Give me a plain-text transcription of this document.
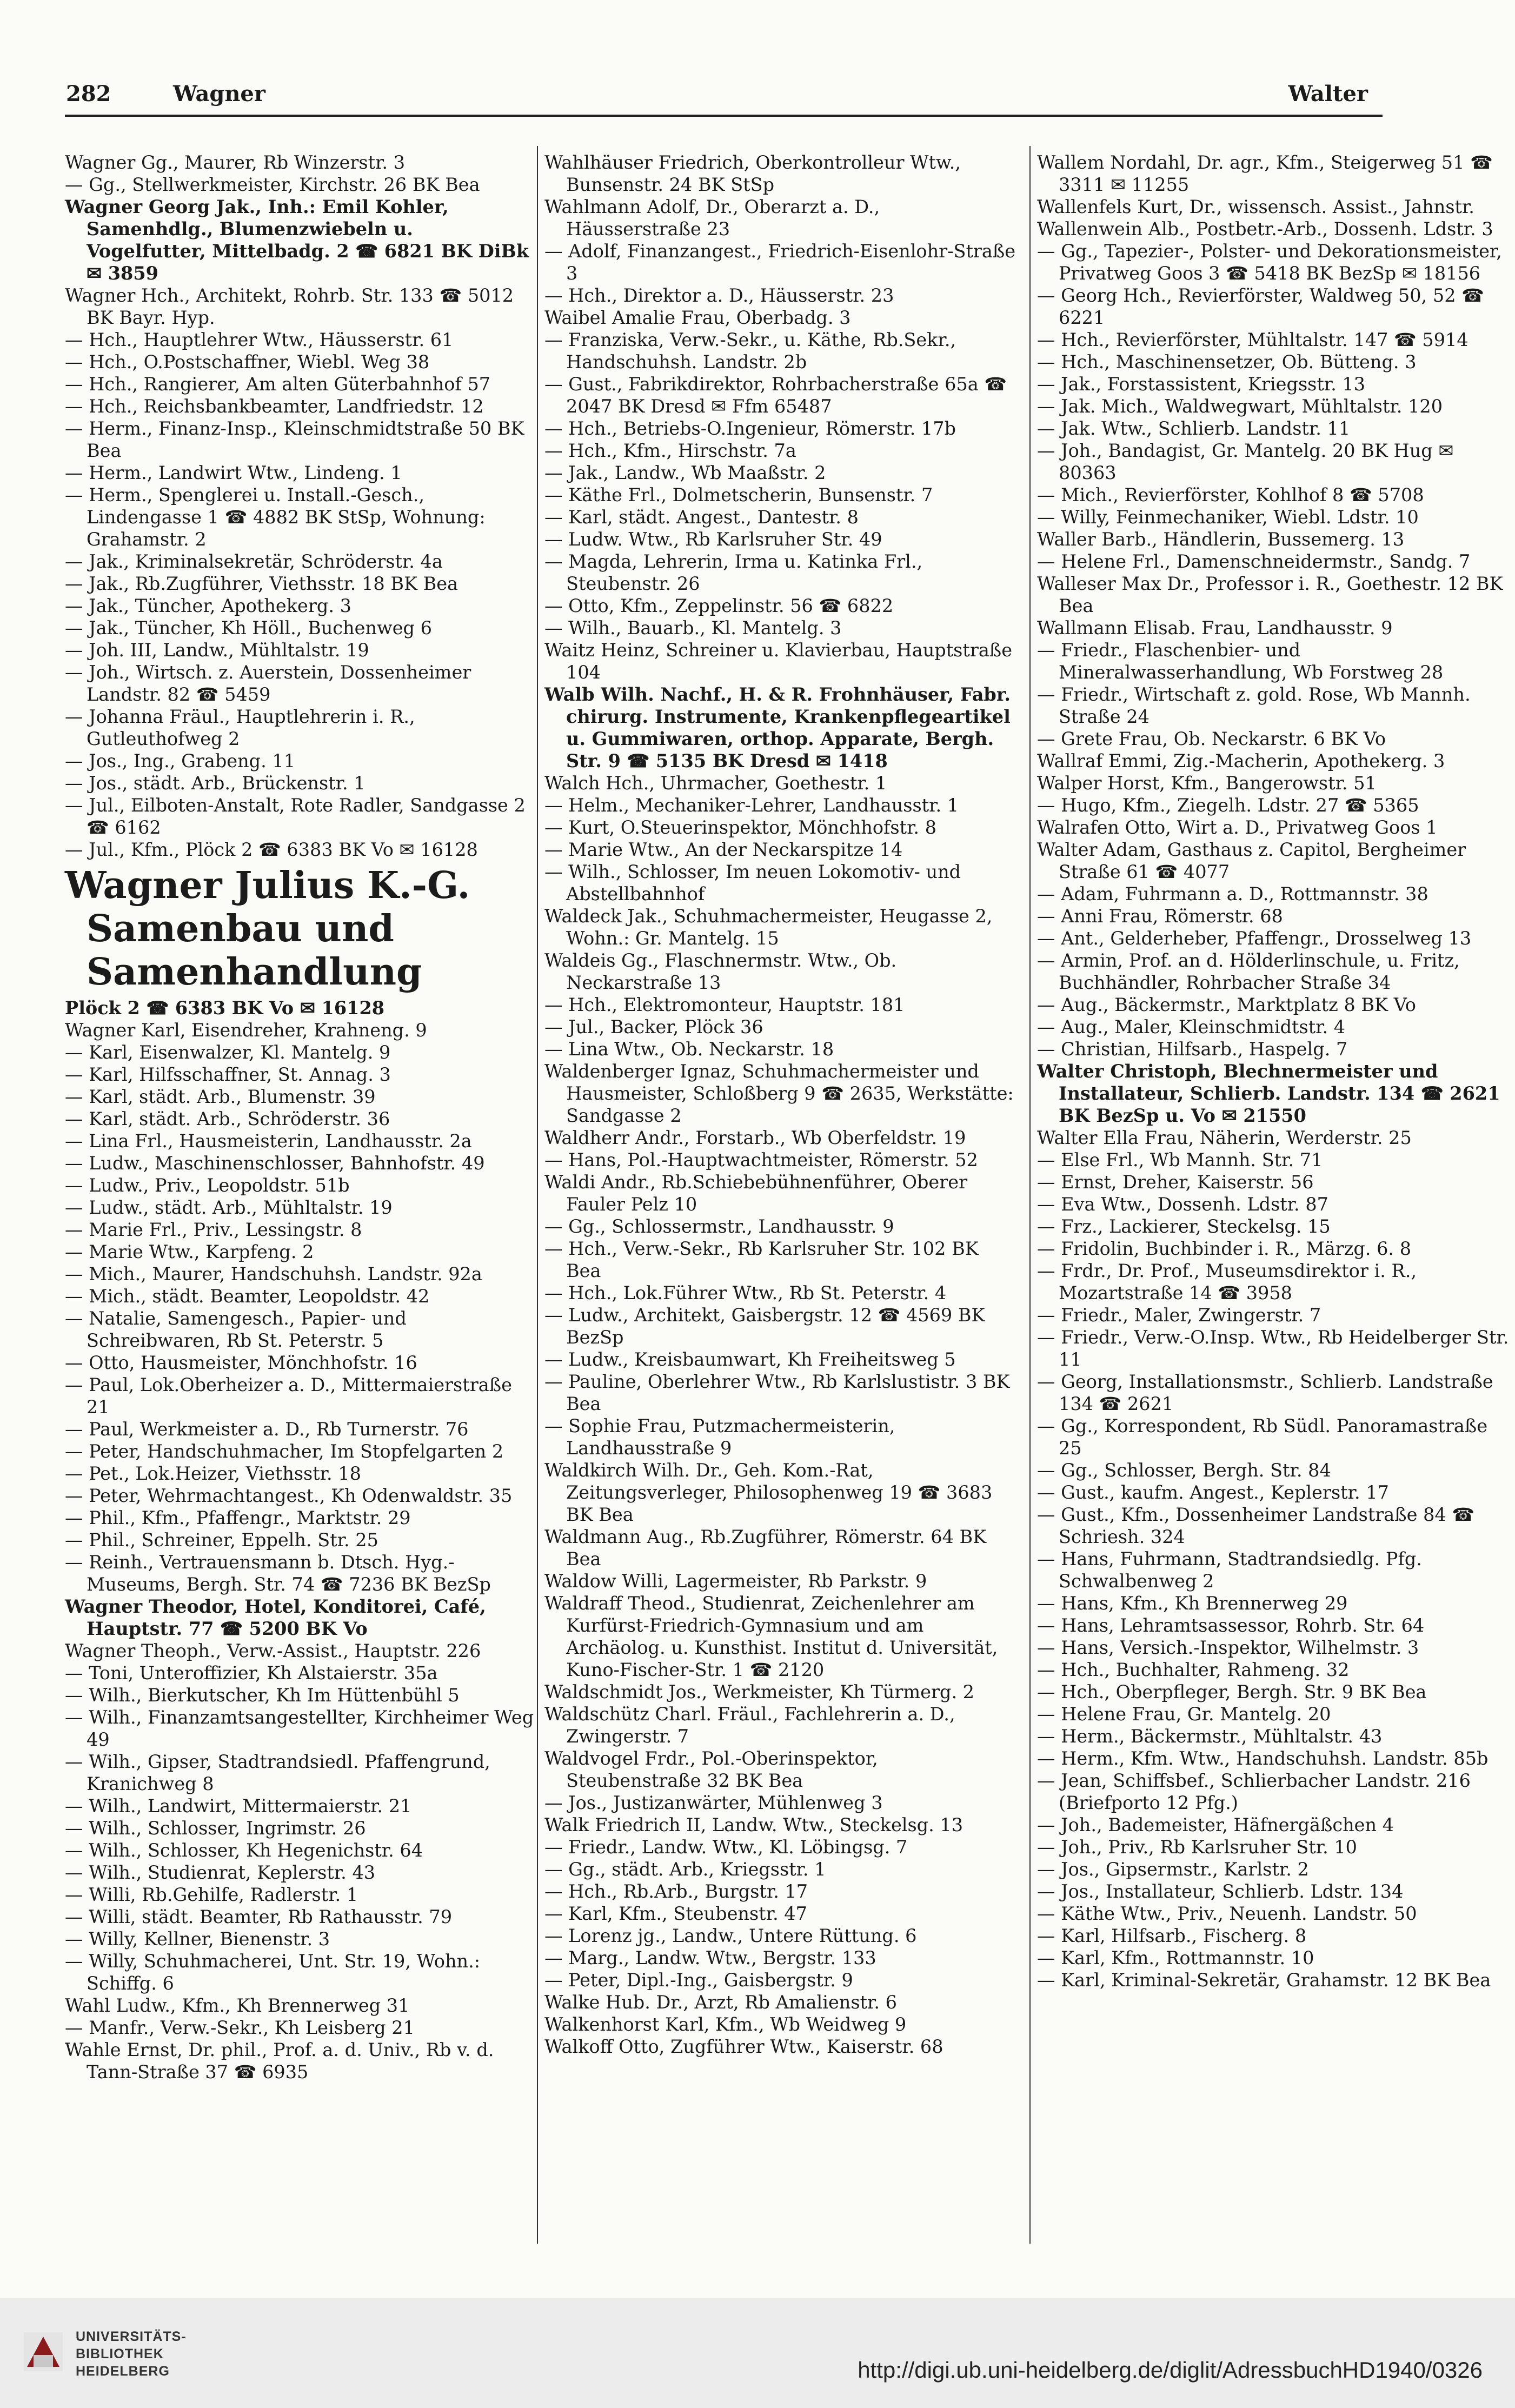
282	Wagner	Walter

Wagner Gg., Maurer, Rb Winzerstr. 3

— Gg., Stellwerkmeister, Kirchstr. 26 BK Bea

Wagner Georg Jak., Inh.: Emil Kohler, Samenhdlg., Blumenzwiebeln u. Vogelfutter, Mittelbadg. 2 ☎ 6821 BK DiBk ✉ 3859

Wagner Hch., Architekt, Rohrb. Str. 133 ☎ 5012 BK Bayr. Hyp.

— Hch., Hauptlehrer Wtw., Häusserstr. 61

— Hch., O.Postschaffner, Wiebl. Weg 38

— Hch., Rangierer, Am alten Güterbahnhof 57

— Hch., Reichsbankbeamter, Landfriedstr. 12

— Herm., Finanz-Insp., Kleinschmidtstraße 50 BK Bea

— Herm., Landwirt Wtw., Lindeng. 1

— Herm., Spenglerei u. Install.-Gesch., Lindengasse 1 ☎ 4882 BK StSp, Wohnung: Grahamstr. 2

— Jak., Kriminalsekretär, Schröderstr. 4a

— Jak., Rb.Zugführer, Viethsstr. 18 BK Bea

— Jak., Tüncher, Apothekerg. 3

— Jak., Tüncher, Kh Höll., Buchenweg 6

— Joh. III, Landw., Mühltalstr. 19

— Joh., Wirtsch. z. Auerstein, Dossenheimer Landstr. 82 ☎ 5459

— Johanna Fräul., Hauptlehrerin i. R., Gutleuthofweg 2

— Jos., Ing., Grabeng. 11

— Jos., städt. Arb., Brückenstr. 1

— Jul., Eilboten-Anstalt, Rote Radler, Sandgasse 2 ☎ 6162

— Jul., Kfm., Plöck 2 ☎ 6383 BK Vo ✉ 16128

Wagner Julius K.-G. Samenbau und Samenhandlung

Plöck 2 ☎ 6383 BK Vo ✉ 16128

Wagner Karl, Eisendreher, Krahneng. 9

— Karl, Eisenwalzer, Kl. Mantelg. 9

— Karl, Hilfsschaffner, St. Annag. 3

— Karl, städt. Arb., Blumenstr. 39

— Karl, städt. Arb., Schröderstr. 36

— Lina Frl., Hausmeisterin, Landhausstr. 2a

— Ludw., Maschinenschlosser, Bahnhofstr. 49

— Ludw., Priv., Leopoldstr. 51b

— Ludw., städt. Arb., Mühltalstr. 19

— Marie Frl., Priv., Lessingstr. 8

— Marie Wtw., Karpfeng. 2

— Mich., Maurer, Handschuhsh. Landstr. 92a

— Mich., städt. Beamter, Leopoldstr. 42

— Natalie, Samengesch., Papier- und Schreibwaren, Rb St. Peterstr. 5

— Otto, Hausmeister, Mönchhofstr. 16

— Paul, Lok.Oberheizer a. D., Mittermaierstraße 21

— Paul, Werkmeister a. D., Rb Turnerstr. 76

— Peter, Handschuhmacher, Im Stopfelgarten 2

— Pet., Lok.Heizer, Viethsstr. 18

— Peter, Wehrmachtangest., Kh Odenwaldstr. 35

— Phil., Kfm., Pfaffengr., Marktstr. 29

— Phil., Schreiner, Eppelh. Str. 25

— Reinh., Vertrauensmann b. Dtsch. Hyg.-Museums, Bergh. Str. 74 ☎ 7236 BK BezSp

Wagner Theodor, Hotel, Konditorei, Café, Hauptstr. 77 ☎ 5200 BK Vo

Wagner Theoph., Verw.-Assist., Hauptstr. 226

— Toni, Unteroffizier, Kh Alstaierstr. 35a

— Wilh., Bierkutscher, Kh Im Hüttenbühl 5

— Wilh., Finanzamtsangestellter, Kirchheimer Weg 49

— Wilh., Gipser, Stadtrandsiedl. Pfaffengrund, Kranichweg 8

— Wilh., Landwirt, Mittermaierstr. 21

— Wilh., Schlosser, Ingrimstr. 26

— Wilh., Schlosser, Kh Hegenichstr. 64

— Wilh., Studienrat, Keplerstr. 43

— Willi, Rb.Gehilfe, Radlerstr. 1

— Willi, städt. Beamter, Rb Rathausstr. 79

— Willy, Kellner, Bienenstr. 3

— Willy, Schuhmacherei, Unt. Str. 19, Wohn.: Schiffg. 6

Wahl Ludw., Kfm., Kh Brennerweg 31

— Manfr., Verw.-Sekr., Kh Leisberg 21

Wahle Ernst, Dr. phil., Prof. a. d. Univ., Rb v. d. Tann-Straße 37 ☎ 6935

Wahlhäuser Friedrich, Oberkontrolleur Wtw., Bunsenstr. 24 BK StSp

Wahlmann Adolf, Dr., Oberarzt a. D., Häusserstraße 23

— Adolf, Finanzangest., Friedrich-Eisenlohr-Straße 3

— Hch., Direktor a. D., Häusserstr. 23

Waibel Amalie Frau, Oberbadg. 3

— Franziska, Verw.-Sekr., u. Käthe, Rb.Sekr., Handschuhsh. Landstr. 2b

— Gust., Fabrikdirektor, Rohrbacherstraße 65a ☎ 2047 BK Dresd ✉ Ffm 65487

— Hch., Betriebs-O.Ingenieur, Römerstr. 17b

— Hch., Kfm., Hirschstr. 7a

— Jak., Landw., Wb Maaßstr. 2

— Käthe Frl., Dolmetscherin, Bunsenstr. 7

— Karl, städt. Angest., Dantestr. 8

— Ludw. Wtw., Rb Karlsruher Str. 49

— Magda, Lehrerin, Irma u. Katinka Frl., Steubenstr. 26

— Otto, Kfm., Zeppelinstr. 56 ☎ 6822

— Wilh., Bauarb., Kl. Mantelg. 3

Waitz Heinz, Schreiner u. Klavierbau, Hauptstraße 104

Walb Wilh. Nachf., H. & R. Frohnhäuser, Fabr. chirurg. Instrumente, Krankenpflegeartikel u. Gummiwaren, orthop. Apparate, Bergh. Str. 9 ☎ 5135 BK Dresd ✉ 1418

Walch Hch., Uhrmacher, Goethestr. 1

— Helm., Mechaniker-Lehrer, Landhausstr. 1

— Kurt, O.Steuerinspektor, Mönchhofstr. 8

— Marie Wtw., An der Neckarspitze 14

— Wilh., Schlosser, Im neuen Lokomotiv- und Abstellbahnhof

Waldeck Jak., Schuhmachermeister, Heugasse 2, Wohn.: Gr. Mantelg. 15

Waldeis Gg., Flaschnermstr. Wtw., Ob. Neckarstraße 13

— Hch., Elektromonteur, Hauptstr. 181

— Jul., Backer, Plöck 36

— Lina Wtw., Ob. Neckarstr. 18

Waldenberger Ignaz, Schuhmachermeister und Hausmeister, Schloßberg 9 ☎ 2635, Werkstätte: Sandgasse 2

Waldherr Andr., Forstarb., Wb Oberfeldstr. 19

— Hans, Pol.-Hauptwachtmeister, Römerstr. 52

Waldi Andr., Rb.Schiebebühnenführer, Oberer Fauler Pelz 10

— Gg., Schlossermstr., Landhausstr. 9

— Hch., Verw.-Sekr., Rb Karlsruher Str. 102 BK Bea

— Hch., Lok.Führer Wtw., Rb St. Peterstr. 4

— Ludw., Architekt, Gaisbergstr. 12 ☎ 4569 BK BezSp

— Ludw., Kreisbaumwart, Kh Freiheitsweg 5

— Pauline, Oberlehrer Wtw., Rb Karlslustistr. 3 BK Bea

— Sophie Frau, Putzmachermeisterin, Landhausstraße 9

Waldkirch Wilh. Dr., Geh. Kom.-Rat, Zeitungsverleger, Philosophenweg 19 ☎ 3683 BK Bea

Waldmann Aug., Rb.Zugführer, Römerstr. 64 BK Bea

Waldow Willi, Lagermeister, Rb Parkstr. 9

Waldraff Theod., Studienrat, Zeichenlehrer am Kurfürst-Friedrich-Gymnasium und am Archäolog. u. Kunsthist. Institut d. Universität, Kuno-Fischer-Str. 1 ☎ 2120

Waldschmidt Jos., Werkmeister, Kh Türmerg. 2

Waldschütz Charl. Fräul., Fachlehrerin a. D., Zwingerstr. 7

Waldvogel Frdr., Pol.-Oberinspektor, Steubenstraße 32 BK Bea

— Jos., Justizanwärter, Mühlenweg 3

Walk Friedrich II, Landw. Wtw., Steckelsg. 13

— Friedr., Landw. Wtw., Kl. Löbingsg. 7

— Gg., städt. Arb., Kriegsstr. 1

— Hch., Rb.Arb., Burgstr. 17

— Karl, Kfm., Steubenstr. 47

— Lorenz jg., Landw., Untere Rüttung. 6

— Marg., Landw. Wtw., Bergstr. 133

— Peter, Dipl.-Ing., Gaisbergstr. 9

Walke Hub. Dr., Arzt, Rb Amalienstr. 6

Walkenhorst Karl, Kfm., Wb Weidweg 9

Walkoff Otto, Zugführer Wtw., Kaiserstr. 68

Wallem Nordahl, Dr. agr., Kfm., Steigerweg 51 ☎ 3311 ✉ 11255

Wallenfels Kurt, Dr., wissensch. Assist., Jahnstr.

Wallenwein Alb., Postbetr.-Arb., Dossenh. Ldstr. 3

— Gg., Tapezier-, Polster- und Dekorationsmeister, Privatweg Goos 3 ☎ 5418 BK BezSp ✉ 18156

— Georg Hch., Revierförster, Waldweg 50, 52 ☎ 6221

— Hch., Revierförster, Mühltalstr. 147 ☎ 5914

— Hch., Maschinensetzer, Ob. Bütteng. 3

— Jak., Forstassistent, Kriegsstr. 13

— Jak. Mich., Waldwegwart, Mühltalstr. 120

— Jak. Wtw., Schlierb. Landstr. 11

— Joh., Bandagist, Gr. Mantelg. 20 BK Hug ✉ 80363

— Mich., Revierförster, Kohlhof 8 ☎ 5708

— Willy, Feinmechaniker, Wiebl. Ldstr. 10

Waller Barb., Händlerin, Bussemerg. 13

— Helene Frl., Damenschneidermstr., Sandg. 7

Walleser Max Dr., Professor i. R., Goethestr. 12 BK Bea

Wallmann Elisab. Frau, Landhausstr. 9

— Friedr., Flaschenbier- und Mineralwasserhandlung, Wb Forstweg 28

— Friedr., Wirtschaft z. gold. Rose, Wb Mannh. Straße 24

— Grete Frau, Ob. Neckarstr. 6 BK Vo

Wallraf Emmi, Zig.-Macherin, Apothekerg. 3

Walper Horst, Kfm., Bangerowstr. 51

— Hugo, Kfm., Ziegelh. Ldstr. 27 ☎ 5365

Walrafen Otto, Wirt a. D., Privatweg Goos 1

Walter Adam, Gasthaus z. Capitol, Bergheimer Straße 61 ☎ 4077

— Adam, Fuhrmann a. D., Rottmannstr. 38

— Anni Frau, Römerstr. 68

— Ant., Gelderheber, Pfaffengr., Drosselweg 13

— Armin, Prof. an d. Hölderlinschule, u. Fritz, Buchhändler, Rohrbacher Straße 34

— Aug., Bäckermstr., Marktplatz 8 BK Vo

— Aug., Maler, Kleinschmidtstr. 4

— Christian, Hilfsarb., Haspelg. 7

Walter Christoph, Blechnermeister und Installateur, Schlierb. Landstr. 134 ☎ 2621 BK BezSp u. Vo ✉ 21550

Walter Ella Frau, Näherin, Werderstr. 25

— Else Frl., Wb Mannh. Str. 71

— Ernst, Dreher, Kaiserstr. 56

— Eva Wtw., Dossenh. Ldstr. 87

— Frz., Lackierer, Steckelsg. 15

— Fridolin, Buchbinder i. R., Märzg. 6. 8

— Frdr., Dr. Prof., Museumsdirektor i. R., Mozartstraße 14 ☎ 3958

— Friedr., Maler, Zwingerstr. 7

— Friedr., Verw.-O.Insp. Wtw., Rb Heidelberger Str. 11

— Georg, Installationsmstr., Schlierb. Landstraße 134 ☎ 2621

— Gg., Korrespondent, Rb Südl. Panoramastraße 25

— Gg., Schlosser, Bergh. Str. 84

— Gust., kaufm. Angest., Keplerstr. 17

— Gust., Kfm., Dossenheimer Landstraße 84 ☎ Schriesh. 324

— Hans, Fuhrmann, Stadtrandsiedlg. Pfg. Schwalbenweg 2

— Hans, Kfm., Kh Brennerweg 29

— Hans, Lehramtsassessor, Rohrb. Str. 64

— Hans, Versich.-Inspektor, Wilhelmstr. 3

— Hch., Buchhalter, Rahmeng. 32

— Hch., Oberpfleger, Bergh. Str. 9 BK Bea

— Helene Frau, Gr. Mantelg. 20

— Herm., Bäckermstr., Mühltalstr. 43

— Herm., Kfm. Wtw., Handschuhsh. Landstr. 85b

— Jean, Schiffsbef., Schlierbacher Landstr. 216 (Briefporto 12 Pfg.)

— Joh., Bademeister, Häfnergäßchen 4

— Joh., Priv., Rb Karlsruher Str. 10

— Jos., Gipsermstr., Karlstr. 2

— Jos., Installateur, Schlierb. Ldstr. 134

— Käthe Wtw., Priv., Neuenh. Landstr. 50

— Karl, Hilfsarb., Fischerg. 8

— Karl, Kfm., Rottmannstr. 10

— Karl, Kriminal-Sekretär, Grahamstr. 12 BK Bea

UNIVERSITÄTS-
BIBLIOTHEK
HEIDELBERG	http://digi.ub.uni-heidelberg.de/diglit/AdressbuchHD1940/0326
